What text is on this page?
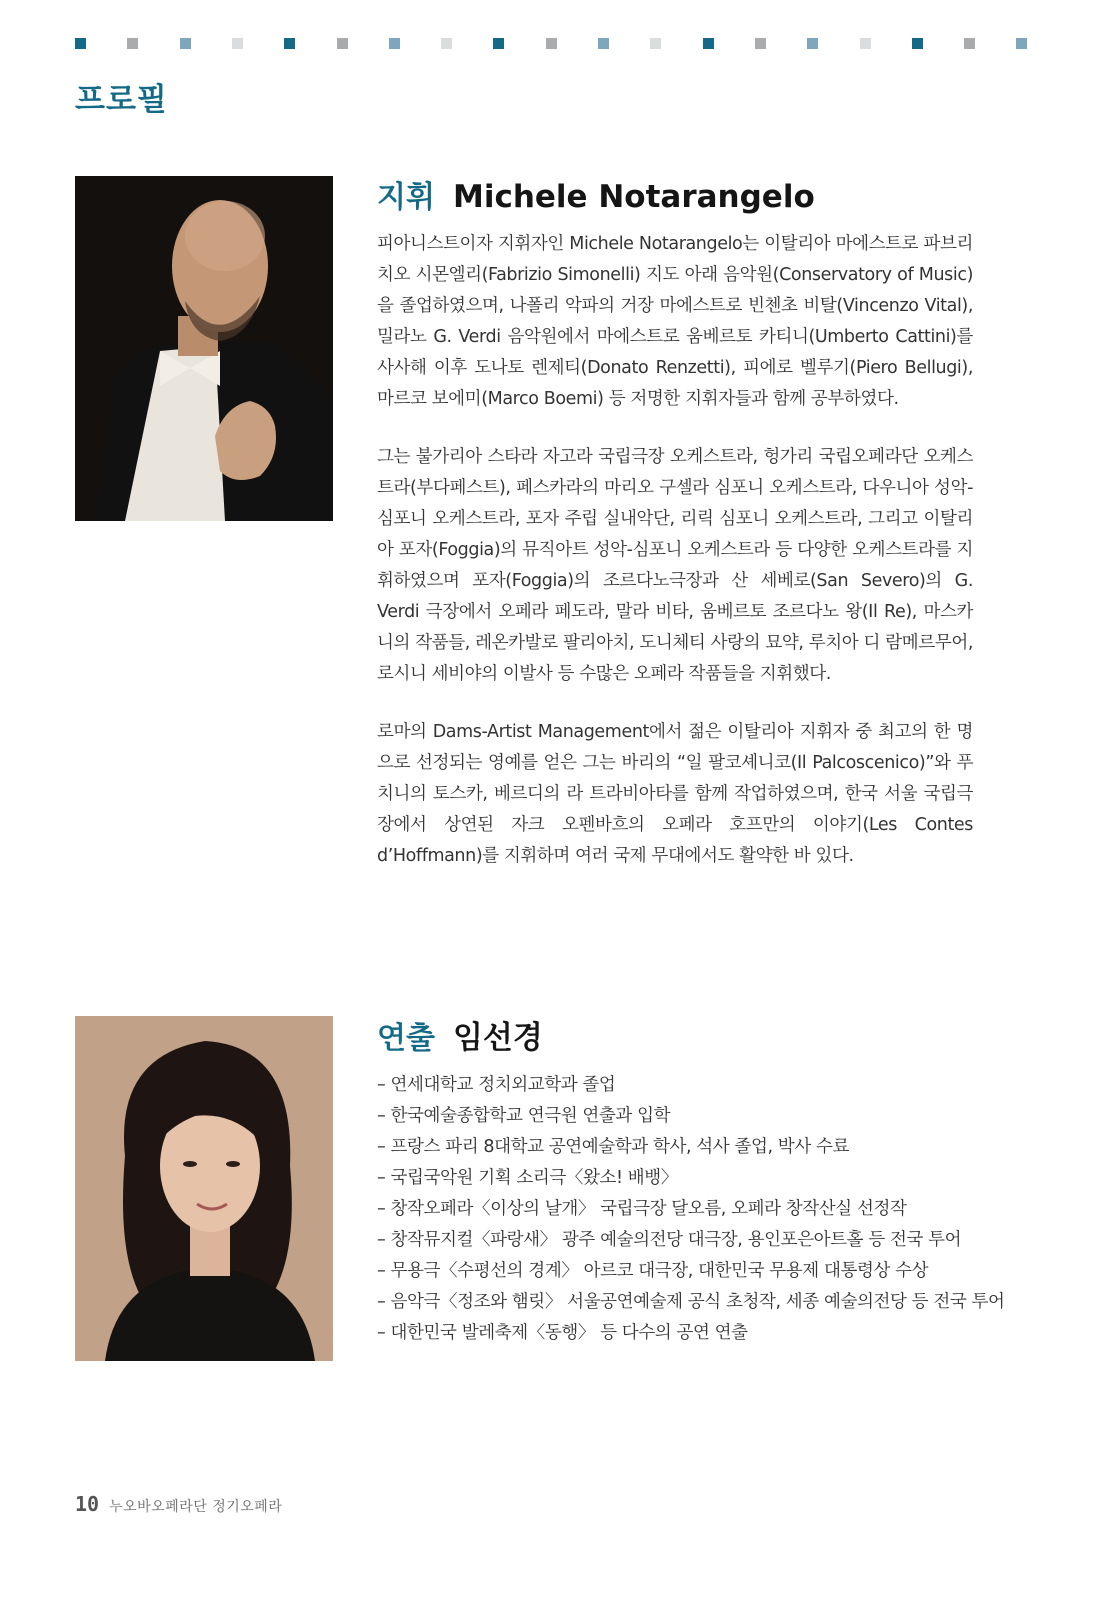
프로필
지휘 Michele Notarangelo

피아니스트이자 지휘자인 Michele Notarangelo는 이탈리아 마에스트로 파브리치오 시몬엘리(Fabrizio Simonelli) 지도 아래 음악원(Conservatory of Music)을 졸업하였으며, 나폴리 악파의 거장 마에스트로 빈첸초 비탈(Vincenzo Vital), 밀라노 G. Verdi 음악원에서 마에스트로 움베르토 카티니(Umberto Cattini)를 사사해 이후 도나토 렌제티(Donato Renzetti), 피에로 벨루기(Piero Bellugi), 마르코 보에미(Marco Boemi) 등 저명한 지휘자들과 함께 공부하였다.

그는 불가리아 스타라 자고라 국립극장 오케스트라, 헝가리 국립오페라단 오케스트라(부다페스트), 페스카라의 마리오 구셀라 심포니 오케스트라, 다우니아 성악-심포니 오케스트라, 포자 주립 실내악단, 리릭 심포니 오케스트라, 그리고 이탈리아 포자(Foggia)의 뮤직아트 성악-심포니 오케스트라 등 다양한 오케스트라를 지휘하였으며 포자(Foggia)의 조르다노극장과 산 세베로(San Severo)의 G. Verdi 극장에서 오페라 페도라, 말라 비타, 움베르토 조르다노 왕(Il Re), 마스카니의 작품들, 레온카발로 팔리아치, 도니체티 사랑의 묘약, 루치아 디 람메르무어, 로시니 세비야의 이발사 등 수많은 오페라 작품들을 지휘했다.

로마의 Dams-Artist Management에서 젊은 이탈리아 지휘자 중 최고의 한 명으로 선정되는 영예를 얻은 그는 바리의 “일 팔코셰니코(Il Palcoscenico)”와 푸치니의 토스카, 베르디의 라 트라비아타를 함께 작업하였으며, 한국 서울 국립극장에서 상연된 자크 오펜바흐의 오페라 호프만의 이야기(Les Contes d’Hoffmann)를 지휘하며 여러 국제 무대에서도 활약한 바 있다.

연출 임선경
– 연세대학교 정치외교학과 졸업
– 한국예술종합학교 연극원 연출과 입학
– 프랑스 파리 8대학교 공연예술학과 학사, 석사 졸업, 박사 수료
– 국립국악원 기획 소리극〈왔소! 배뱅〉
– 창작오페라〈이상의 날개〉 국립극장 달오름, 오페라 창작산실 선정작
– 창작뮤지컬〈파랑새〉 광주 예술의전당 대극장, 용인포은아트홀 등 전국 투어
– 무용극〈수평선의 경계〉 아르코 대극장, 대한민국 무용제 대통령상 수상
– 음악극〈정조와 햄릿〉 서울공연예술제 공식 초청작, 세종 예술의전당 등 전국 투어
– 대한민국 발레축제〈동행〉 등 다수의 공연 연출
10 누오바오페라단 정기오페라
